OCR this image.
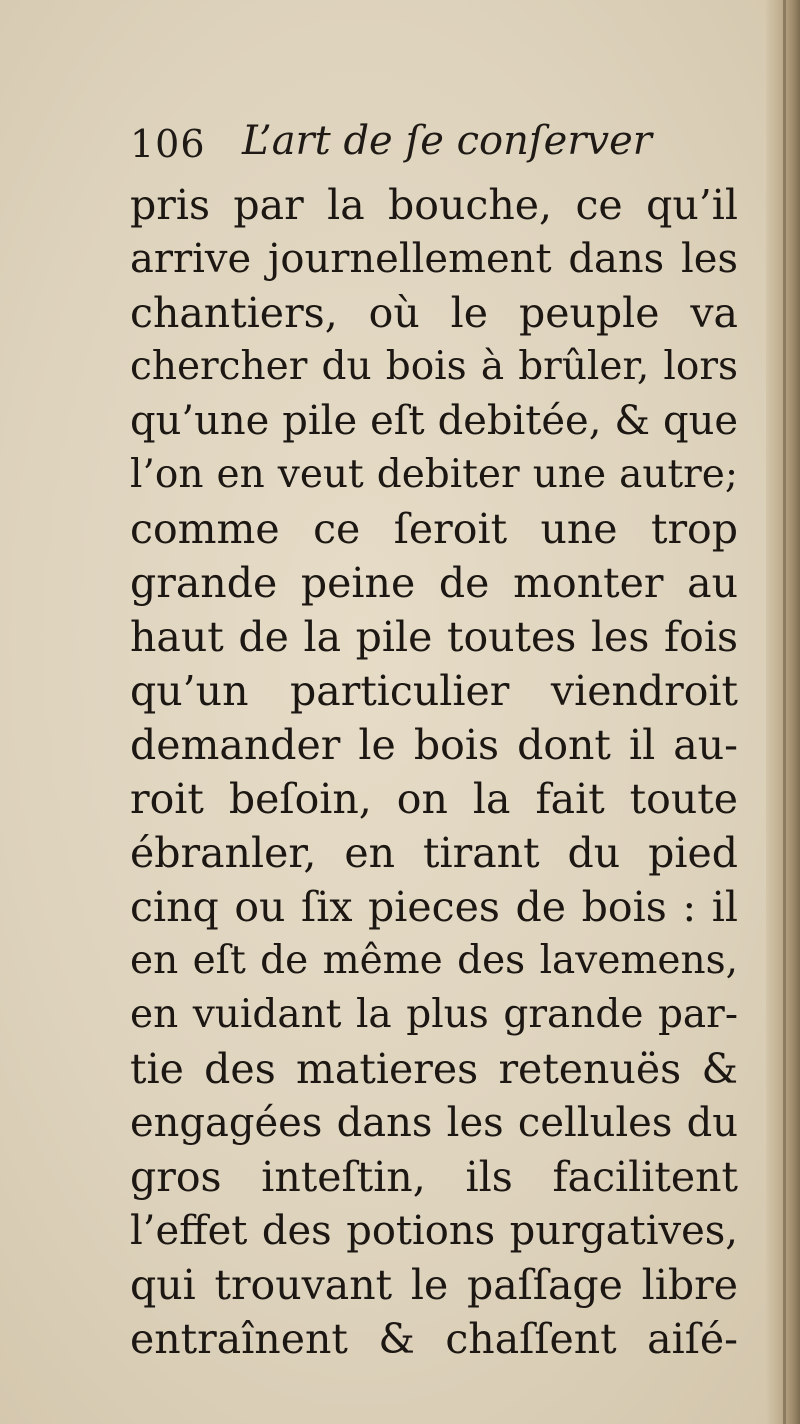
106 L’art de ſe conſerver
pris par la bouche, ce qu’il
arrive journellement dans les
chantiers, où le peuple va
chercher du bois à brûler, lors
qu’une pile eſt debitée, & que
l’on en veut debiter une autre;
comme ce ſeroit une trop
grande peine de monter au
haut de la pile toutes les fois
qu’un particulier viendroit
demander le bois dont il au-
roit beſoin, on la fait toute
ébranler, en tirant du pied
cinq ou ſix pieces de bois : il
en eſt de même des lavemens,
en vuidant la plus grande par-
tie des matieres retenuës &
engagées dans les cellules du
gros inteſtin, ils facilitent
l’effet des potions purgatives,
qui trouvant le paſſage libre
entraînent & chaſſent aiſé-
